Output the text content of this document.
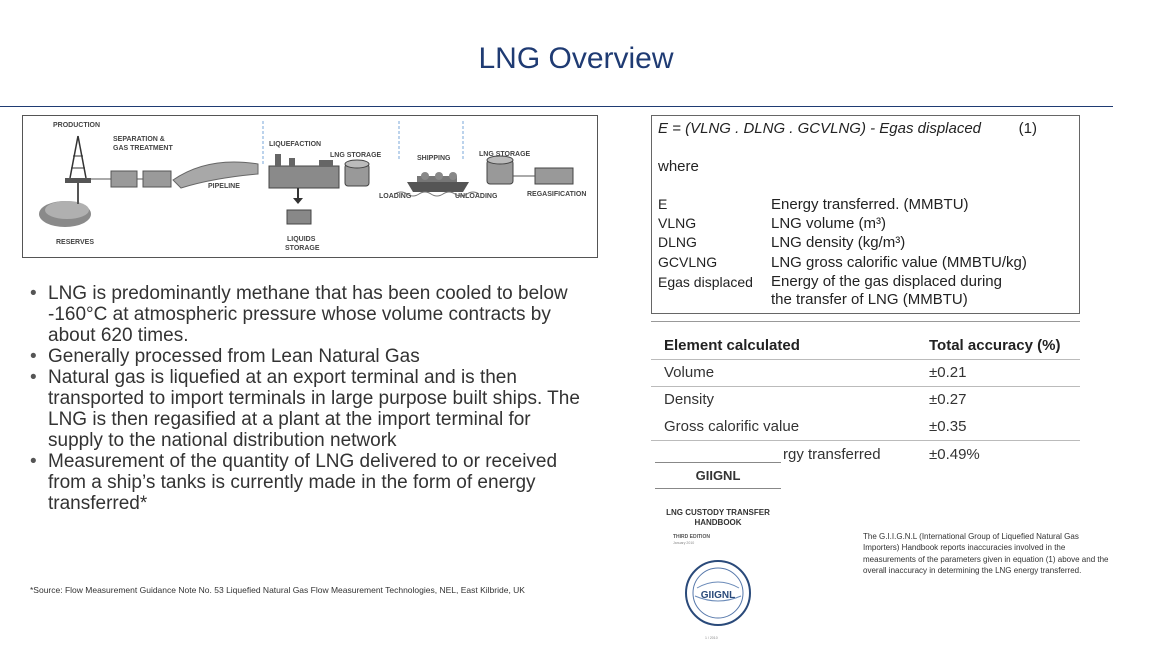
LNG Overview
PRODUCTION
SEPARATION &
GAS TREATMENT
LIQUEFACTION
LNG STORAGE	SHIPPING
LNG STORAGE
PIPELINE
LOADING	UNLOADING	REGASIFICATION
RESERVES	LIQUIDS
STORAGE
• LNG is predominantly methane that has been cooled to below -160°C at atmospheric pressure whose volume contracts by about 620 times.
• Generally processed from Lean Natural Gas
• Natural gas is liquefied at an export terminal and is then transported to import terminals in large purpose built ships. The LNG is then regasified at a plant at the import terminal for supply to the national distribution network
• Measurement of the quantity of LNG delivered to or received from a ship’s tanks is currently made in the form of energy transferred*
*Source: Flow Measurement Guidance Note No. 53 Liquefied Natural Gas Flow Measurement Technologies, NEL, East Kilbride, UK
E = (VLNG . DLNG . GCVLNG) - Egas displaced	(1)
where
E	Energy transferred. (MMBTU)
VLNG	LNG volume (m³)
DLNG	LNG density (kg/m³)
GCVLNG	LNG gross calorific value (MMBTU/kg)
Egas displaced Energy of the gas displaced during
the transfer of LNG (MMBTU)
Element calculated	Total accuracy (%)
Volume	±0.21
Density	±0.27
Gross calorific value	±0.35
rgy transferred	±0.49%
GIIGNL
LNG CUSTODY TRANSFER
HANDBOOK
THIRD EDITION
January 2010
GIIGNL
1 / 2010
The G.I.I.G.N.L (International Group of Liquefied Natural Gas Importers) Handbook reports inaccuracies involved in the measurements of the parameters given in equation (1) above and the overall inaccuracy in determining the LNG energy transferred.
